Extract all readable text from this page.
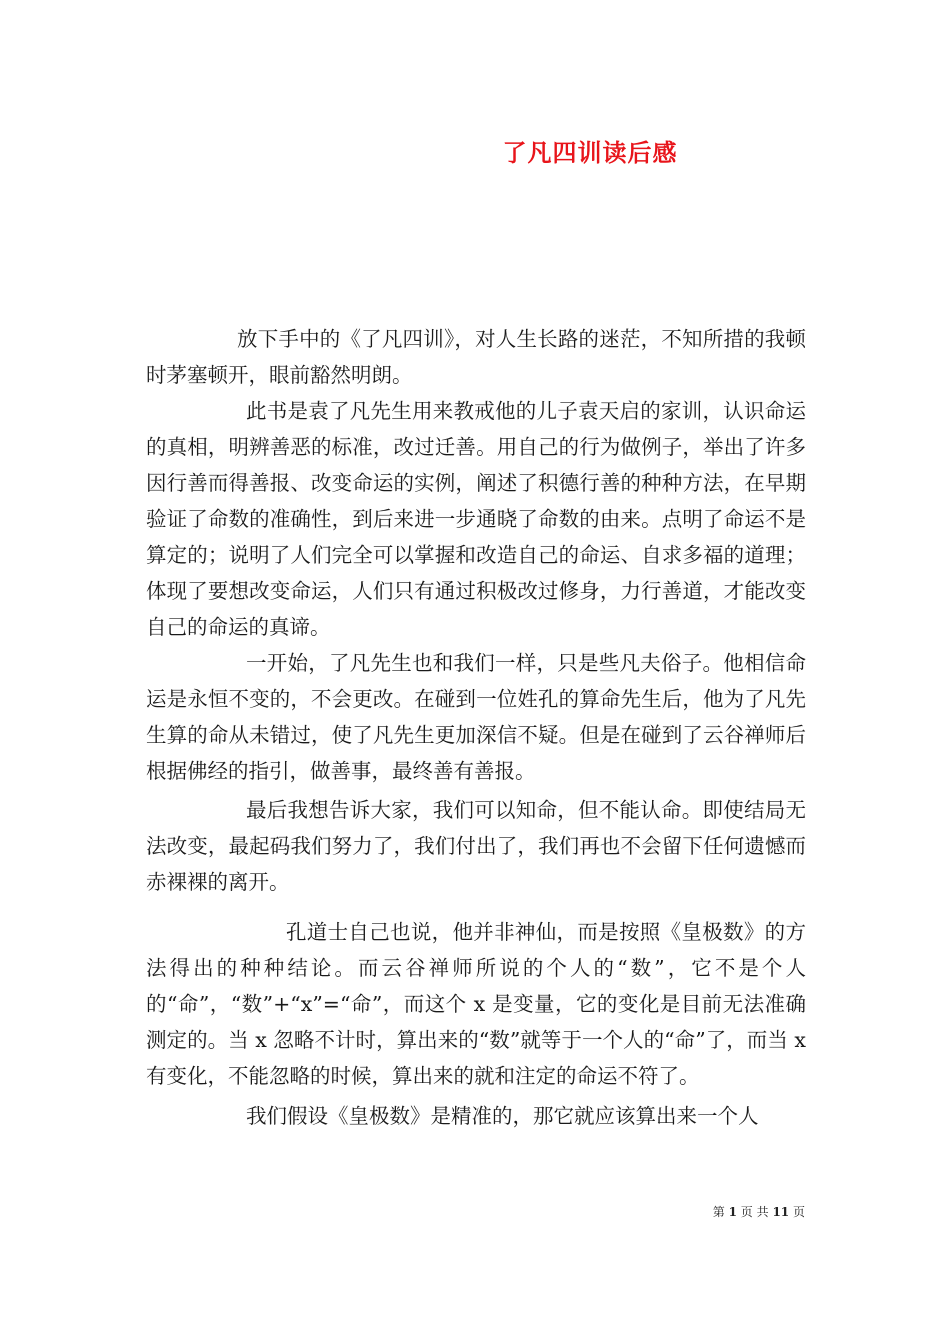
了凡四训读后感

放下手中的《了凡四训》，对人生长路的迷茫，不知所措的我顿时茅塞顿开，眼前豁然明朗。

此书是袁了凡先生用来教戒他的儿子袁天启的家训，认识命运的真相，明辨善恶的标准，改过迁善。用自己的行为做例子，举出了许多因行善而得善报、改变命运的实例，阐述了积德行善的种种方法，在早期验证了命数的准确性，到后来进一步通晓了命数的由来。点明了命运不是算定的；说明了人们完全可以掌握和改造自己的命运、自求多福的道理；体现了要想改变命运，人们只有通过积极改过修身，力行善道，才能改变自己的命运的真谛。

一开始，了凡先生也和我们一样，只是些凡夫俗子。他相信命运是永恒不变的，不会更改。在碰到一位姓孔的算命先生后，他为了凡先生算的命从未错过，使了凡先生更加深信不疑。但是在碰到了云谷禅师后根据佛经的指引，做善事，最终善有善报。

最后我想告诉大家，我们可以知命，但不能认命。即使结局无法改变，最起码我们努力了，我们付出了，我们再也不会留下任何遗憾而赤裸裸的离开。

孔道士自己也说，他并非神仙，而是按照《皇极数》的方法得出的种种结论。而云谷禅师所说的个人的“数”，它不是个人的“命”，“数”+“x”=“命”，而这个 x 是变量，它的变化是目前无法准确测定的。当 x 忽略不计时，算出来的“数”就等于一个人的“命”了，而当 x 有变化，不能忽略的时候，算出来的就和注定的命运不符了。

我们假设《皇极数》是精准的，那它就应该算出来一个人

第 1 页 共 11 页
